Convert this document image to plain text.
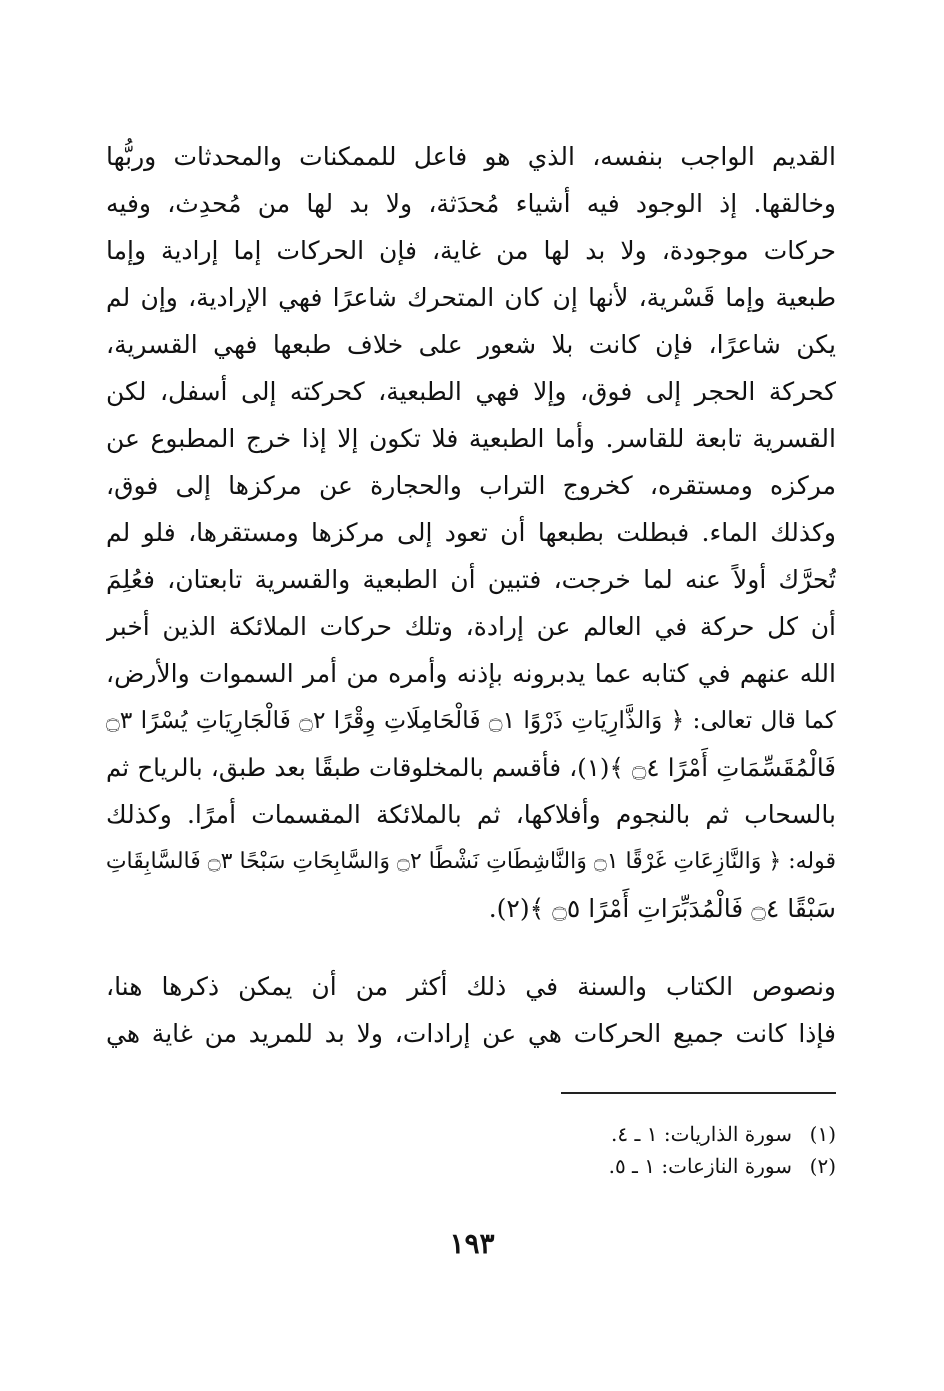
القديم الواجب بنفسه، الذي هو فاعل للممكنات والمحدثات وربُّها
وخالقها. إذ الوجود فيه أشياء مُحدَثة، ولا بد لها من مُحدِث، وفيه
حركات موجودة، ولا بد لها من غاية، فإن الحركات إما إرادية وإما
طبعية وإما قَسْرية، لأنها إن كان المتحرك شاعرًا فهي الإرادية، وإن لم
يكن شاعرًا، فإن كانت بلا شعور على خلاف طبعها فهي القسرية،
كحركة الحجر إلى فوق، وإلا فهي الطبعية، كحركته إلى أسفل، لكن
القسرية تابعة للقاسر. وأما الطبعية فلا تكون إلا إذا خرج المطبوع عن
مركزه ومستقره، كخروج التراب والحجارة عن مركزها إلى فوق،
وكذلك الماء. فبطلت بطبعها أن تعود إلى مركزها ومستقرها، فلو لم
تُحرَّك أولاً عنه لما خرجت، فتبين أن الطبعية والقسرية تابعتان، فعُلِمَ
أن كل حركة في العالم عن إرادة، وتلك حركات الملائكة الذين أخبر
الله عنهم في كتابه عما يدبرونه بإذنه وأمره من أمر السموات والأرض،
كما قال تعالى: ﴿ وَالذَّارِيَاتِ ذَرْوًا ۝١ فَالْحَامِلَاتِ وِقْرًا ۝٢ فَالْجَارِيَاتِ يُسْرًا ۝٣
فَالْمُقَسِّمَاتِ أَمْرًا ۝٤ ﴾(١)، فأقسم بالمخلوقات طبقًا بعد طبق، بالرياح ثم
بالسحاب ثم بالنجوم وأفلاكها، ثم بالملائكة المقسمات أمرًا. وكذلك
قوله: ﴿ وَالنَّازِعَاتِ غَرْقًا ۝١ وَالنَّاشِطَاتِ نَشْطًا ۝٢ وَالسَّابِحَاتِ سَبْحًا ۝٣ فَالسَّابِقَاتِ
سَبْقًا ۝٤ فَالْمُدَبِّرَاتِ أَمْرًا ۝٥ ﴾(٢).
ونصوص الكتاب والسنة في ذلك أكثر من أن يمكن ذكرها هنا،
فإذا كانت جميع الحركات هي عن إرادات، ولا بد للمريد من غاية هي
(١)سورة الذاريات: ١ ـ ٤.
(٢)سورة النازعات: ١ ـ ٥.
١٩٣
